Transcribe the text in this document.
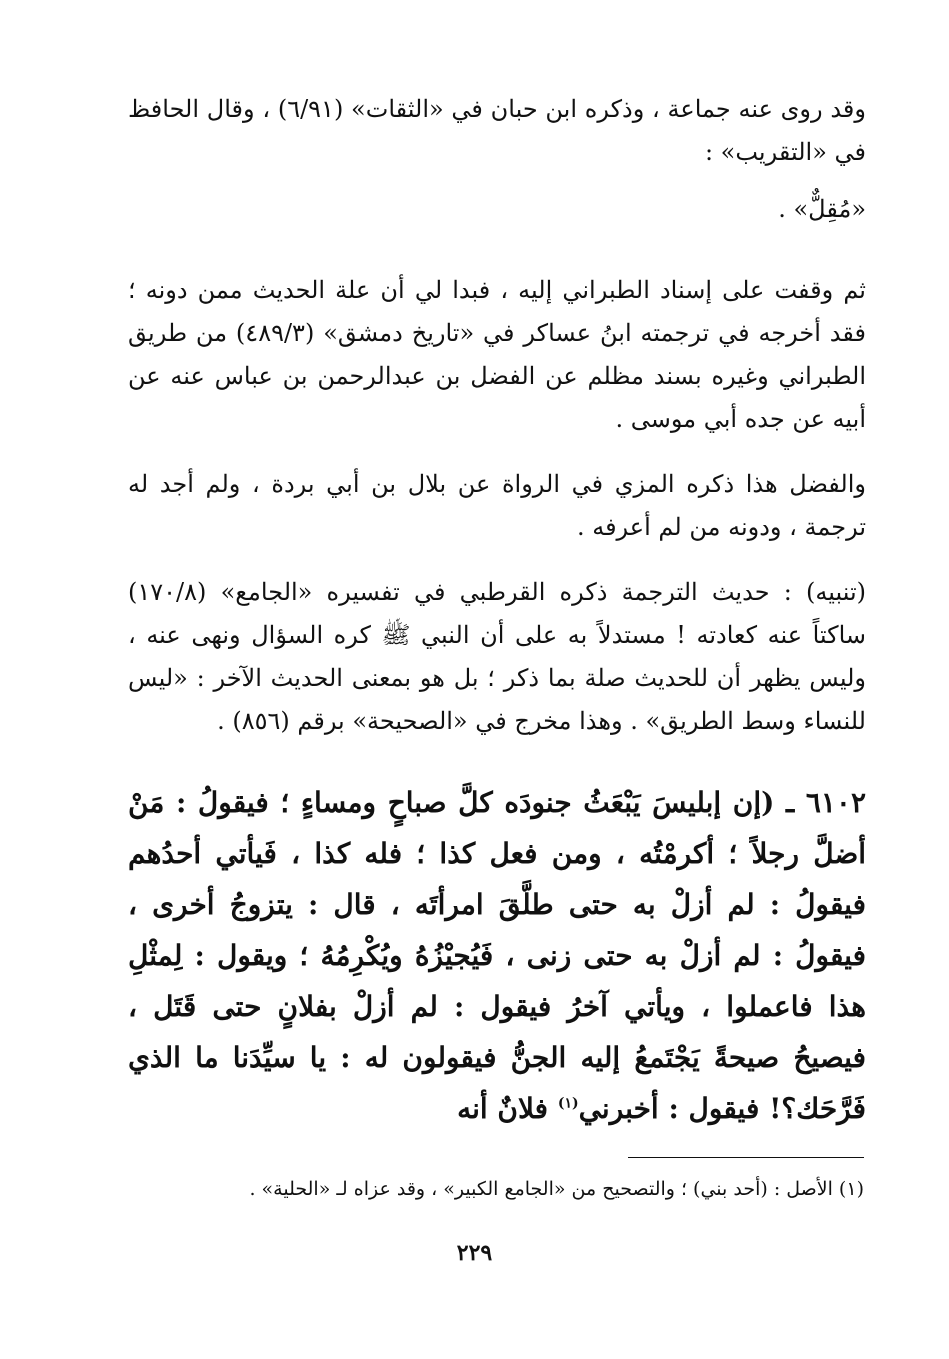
وقد روى عنه جماعة ، وذكره ابن حبان في «الثقات» (٦/٩١) ، وقال الحافظ في «التقريب» :

«مُقِلٌّ» .

ثم وقفت على إسناد الطبراني إليه ، فبدا لي أن علة الحديث ممن دونه ؛ فقد أخرجه في ترجمته ابنُ عساكر في «تاريخ دمشق» (٤٨٩/٣) من طريق الطبراني وغيره بسند مظلم عن الفضل بن عبدالرحمن بن عباس عنه عن أبيه عن جده أبي موسى .

والفضل هذا ذكره المزي في الرواة عن بلال بن أبي بردة ، ولم أجد له ترجمة ، ودونه من لم أعرفه .

(تنبيه) : حديث الترجمة ذكره القرطبي في تفسيره «الجامع» (١٧٠/٨) ساكتاً عنه كعادته ! مستدلاً به على أن النبي ﷺ كره السؤال ونهى عنه ، وليس يظهر أن للحديث صلة بما ذكر ؛ بل هو بمعنى الحديث الآخر : «ليس للنساء وسط الطريق» . وهذا مخرج في «الصحيحة» برقم (٨٥٦) .

٦١٠٢ ـ (إن إبليسَ يَبْعَثُ جنودَه كلَّ صباحٍ ومساءٍ ؛ فيقولُ : مَنْ أضلَّ رجلاً ؛ أكرمْتُه ، ومن فعل كذا ؛ فله كذا ، فَيأتي أحدُهم فيقولُ : لم أزلْ به حتى طلَّقَ امرأتَه ، قال : يتزوجُ أخرى ، فيقولُ : لم أزلْ به حتى زنى ، فَيُجيْزُهُ ويُكْرِمُهُ ؛ ويقول : لِمثْلِ هذا فاعملوا ، ويأتي آخرُ فيقول : لم أزلْ بفلانٍ حتى قَتَل ، فيصيحُ صيحةً يَجْتَمعُ إليه الجنُّ فيقولون له : يا سيِّدَنا ما الذي فَرَّحَك؟! فيقول : أخبرني$^{(١)}$ فلانٌ أنه

(١) الأصل : (أحد بني) ؛ والتصحيح من «الجامع الكبير» ، وقد عزاه لـ «الحلية» .

٢٢٩
